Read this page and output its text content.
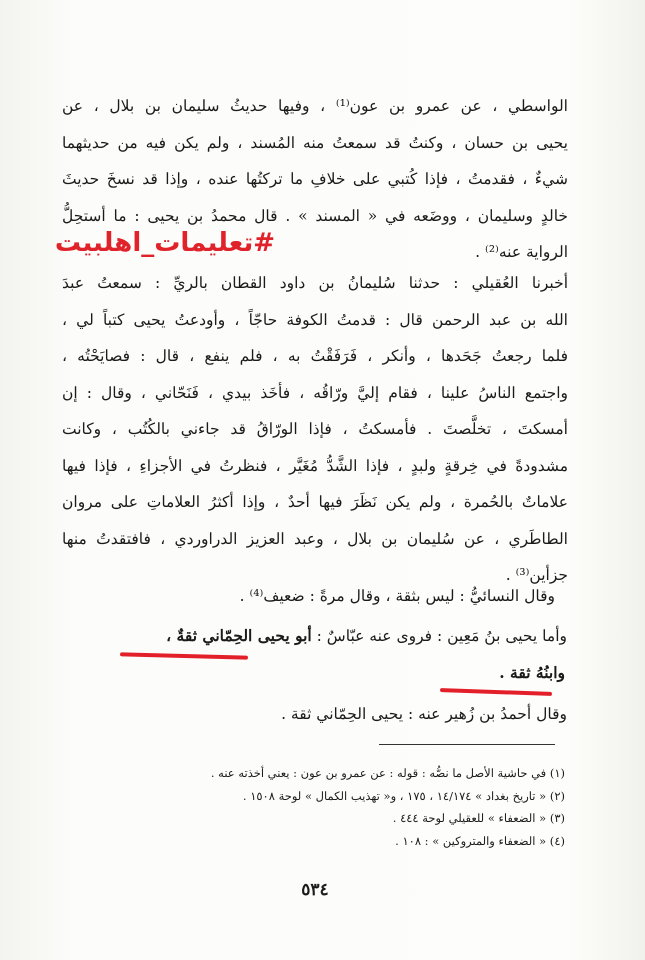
الواسطي ، عن عمرو بن عون⁽¹⁾ ، وفيها حديثُ سليمان بن بلال ، عن
يحيى بن حسان ، وكنتُ قد سمعتُ منه المُسند ، ولم يكن فيه من حديثهما
شيءٌ ، فقدمتُ ، فإذا كُتبي على خلافِ ما تركتُها عنده ، وإذا قد نسخَ حديثَ
خالدٍ وسليمان ، ووضَعه في « المسند » . قال محمدُ بن يحيى : ما أستحِلُّ
الرواية عنه⁽²⁾ .
#تعليمات_اهلبيت
أخبرنا العُقيلي : حدثنا سُليمانُ بن داود القطان بالريِّ : سمعتُ عبدَ
الله بن عبد الرحمن قال : قدمتُ الكوفة حاجّاً ، وأودعتُ يحيى كتباً لي ،
فلما رجعتُ جَحَدها ، وأنكر ، فَرَفَقْتُ به ، فلم ينفع ، قال : فصايَحْتُه ،
واجتمع الناسُ علينا ، فقام إليَّ ورّاقُه ، فأخَذ بيدي ، فَنَحّاني ، وقال : إن
أمسكتَ ، تخلَّصتَ . فأمسكتُ ، فإذا الورّاقُ قد جاءني بالكُتُب ، وكانت
مشدودةً في خِرقةٍ ولبدٍ ، فإذا الشَّدُّ مُغَيَّر ، فنظرتُ في الأجزاءِ ، فإذا فيها
علاماتٌ بالحُمرة ، ولم يكن نَظَرَ فيها أحدٌ ، وإذا أكثرُ العلاماتِ على مروان
الطاطَري ، عن سُليمان بن بلال ، وعبد العزيز الدراوردي ، فافتقدتُ منها
جزأين⁽³⁾ .
وقال النسائيُّ : ليس بثقة ، وقال مرةً : ضعيف⁽⁴⁾ .
وأما يحيى بنُ مَعِين : فروى عنه عبّاسٌ : أبو يحيى الحِمّاني ثقةٌ ،
وابنُهُ ثقة .
وقال أحمدُ بن زُهير عنه : يحيى الحِمّاني ثقة .
(١) في حاشية الأصل ما نصُّه : قوله : عن عمرو بن عون : يعني أخذته عنه .
(٢) « تاريخ بغداد » ١٤/١٧٤ ، ١٧٥ ، و« تهذيب الكمال » لوحة ١٥٠٨ .
(٣) « الضعفاء » للعقيلي لوحة ٤٤٤ .
(٤) « الضعفاء والمتروكين » : ١٠٨ .
٥٣٤
